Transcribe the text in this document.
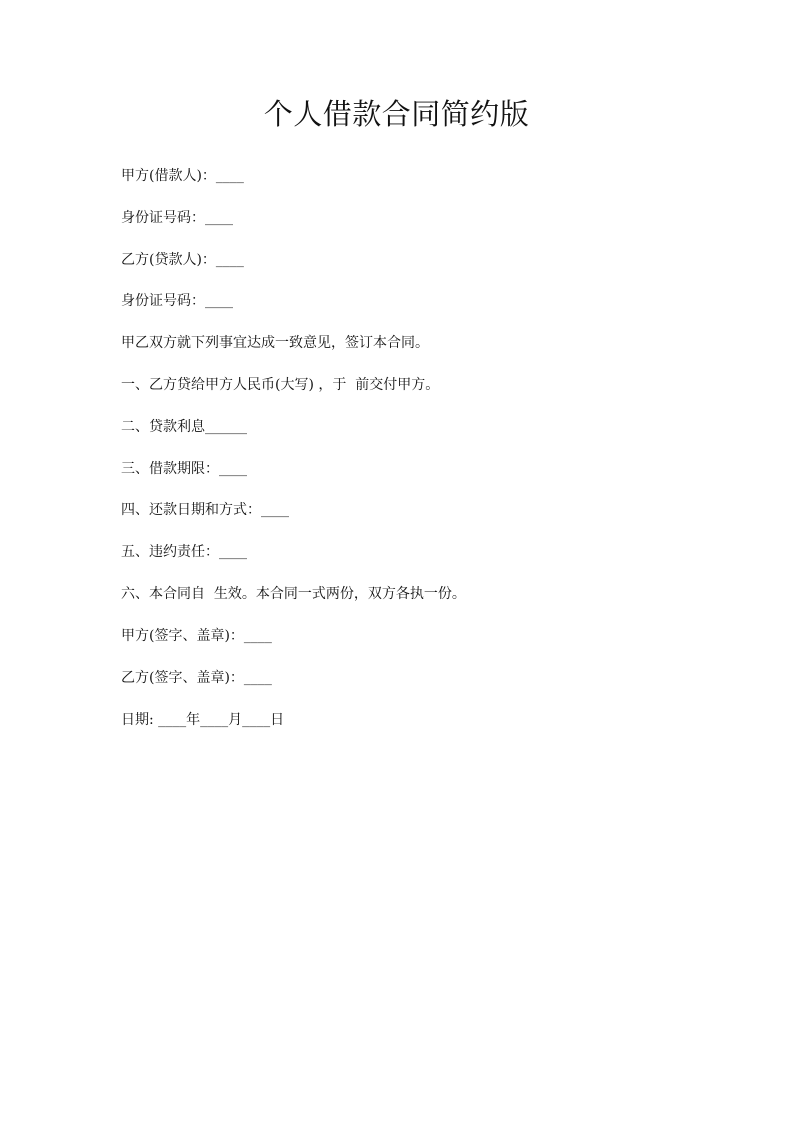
个人借款合同简约版

甲方(借款人)：____

身份证号码：____

乙方(贷款人)：____

身份证号码：____

甲乙双方就下列事宜达成一致意见，签订本合同。

一、乙方贷给甲方人民币(大写) ，于  前交付甲方。

二、贷款利息______

三、借款期限：____

四、还款日期和方式：____

五、违约责任：____

六、本合同自  生效。本合同一式两份，双方各执一份。

甲方(签字、盖章)：____

乙方(签字、盖章)：____

日期: ____年____月____日
